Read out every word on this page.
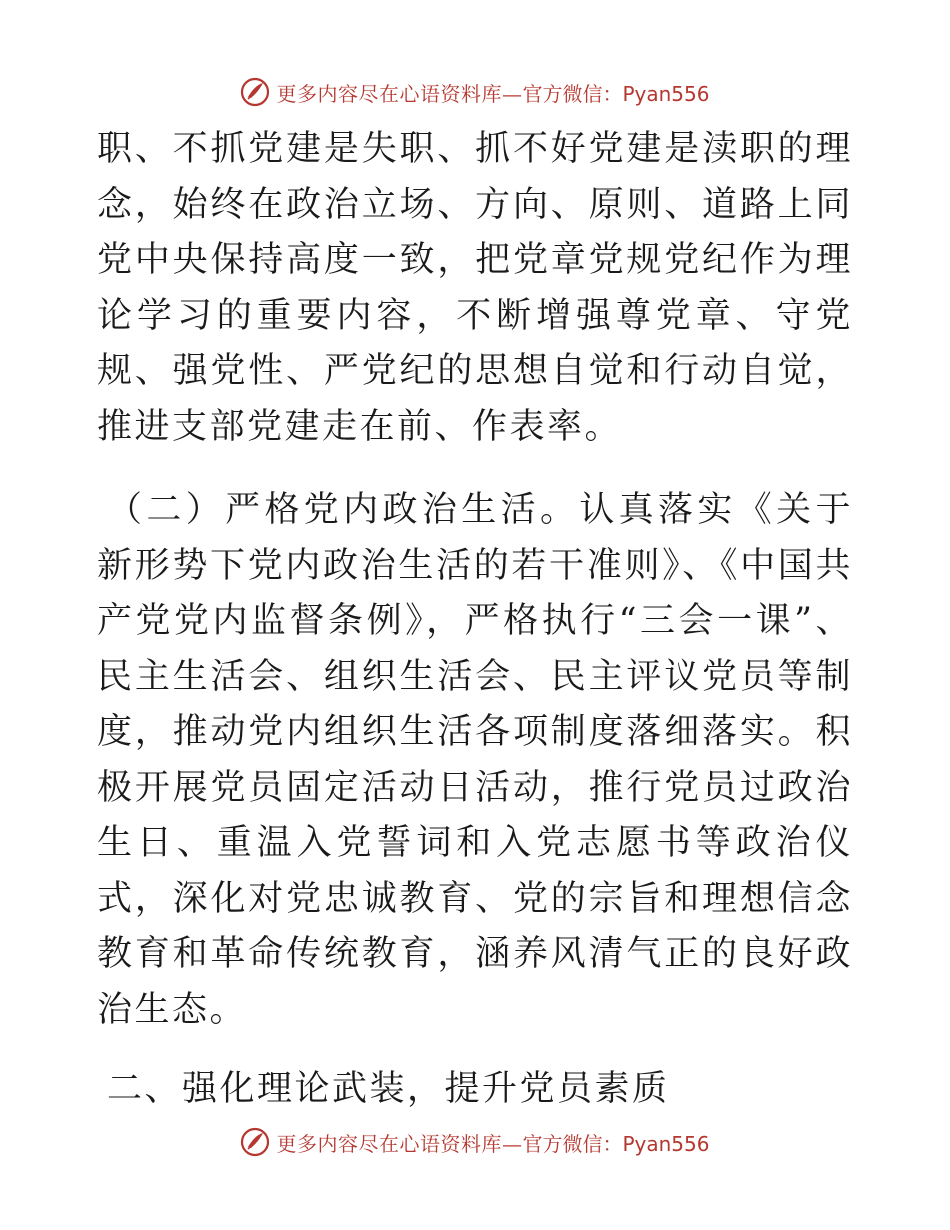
更多内容尽在心语资料库— 官方微信：Pyan556

职、不抓党建是失职、抓不好党建是渎职的理念，始终在政治立场、方向、原则、道路上同党中央保持高度一致，把党章党规党纪作为理论学习的重要内容，不断增强尊党章、守党规、强党性、严党纪的思想自觉和行动自觉，推进支部党建走在前、作表率。

（二）严格党内政治生活。认真落实《关于新形势下党内政治生活的若干准则》、《中国共产党党内监督条例》，严格执行“三会一课”、民主生活会、组织生活会、民主评议党员等制度，推动党内组织生活各项制度落细落实。积极开展党员固定活动日活动，推行党员过政治生日、重温入党誓词和入党志愿书等政治仪式，深化对党忠诚教育、党的宗旨和理想信念教育和革命传统教育，涵养风清气正的良好政治生态。

二、强化理论武装，提升党员素质

更多内容尽在心语资料库— 官方微信：Pyan556
